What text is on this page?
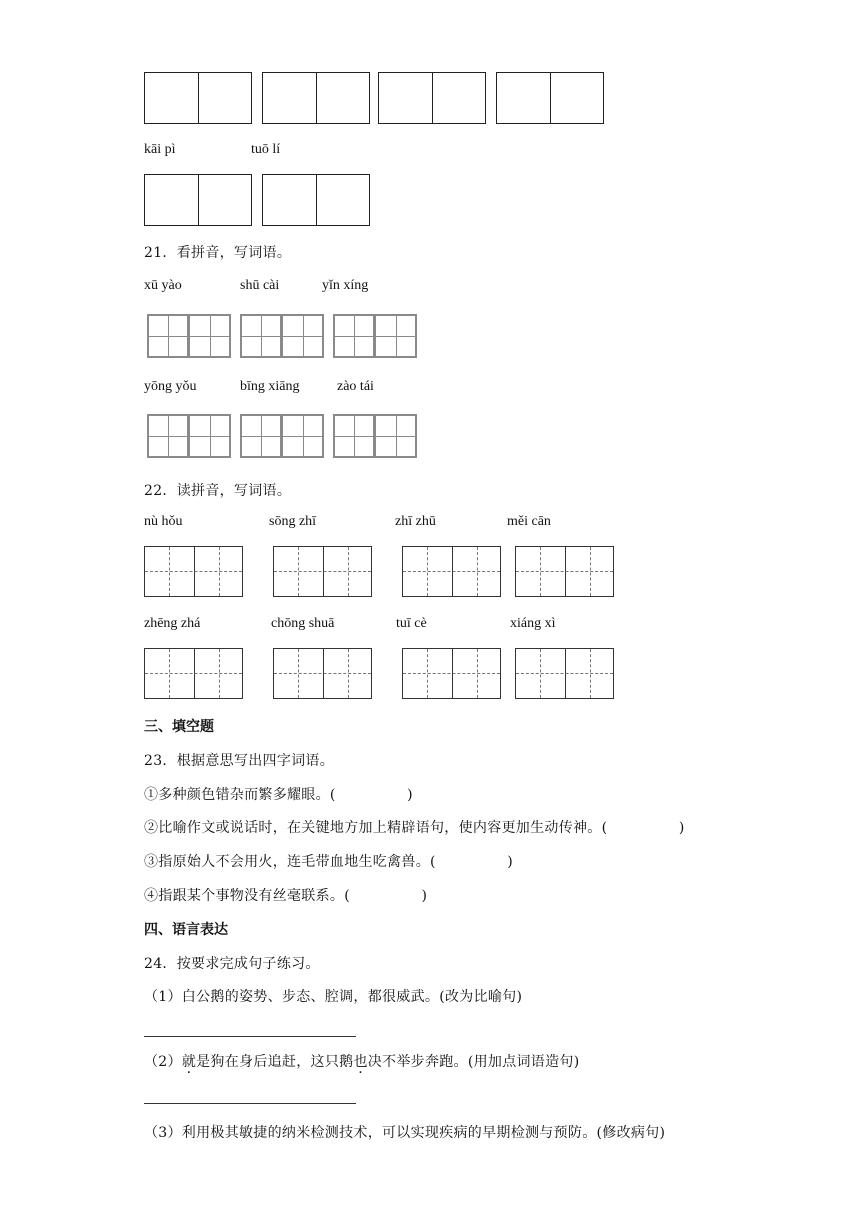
kāi pì	tuō lí
21．看拼音，写词语。
xū yào	shū cài	yǐn xíng
yōng yǒu	bīng xiāng	zào tái
22．读拼音，写词语。
nù hǒu	sōng zhī	zhī zhū	měi cān
zhēng zhá	chōng shuā	tuī cè	xiáng xì
三、填空题
23．根据意思写出四字词语。
①多种颜色错杂而繁多耀眼。(　　　　　)
②比喻作文或说话时，在关键地方加上精辟语句，使内容更加生动传神。(　　　　　)
③指原始人不会用火，连毛带血地生吃禽兽。(　　　　　)
④指跟某个事物没有丝毫联系。(　　　　　)
四、语言表达
24．按要求完成句子练习。
（1）白公鹅的姿势、步态、腔调，都很威武。(改为比喻句)
（2）就是狗在身后追赶，这只鹅也决不举步奔跑。(用加点词语造句)
（3）利用极其敏捷的纳米检测技术，可以实现疾病的早期检测与预防。(修改病句)
